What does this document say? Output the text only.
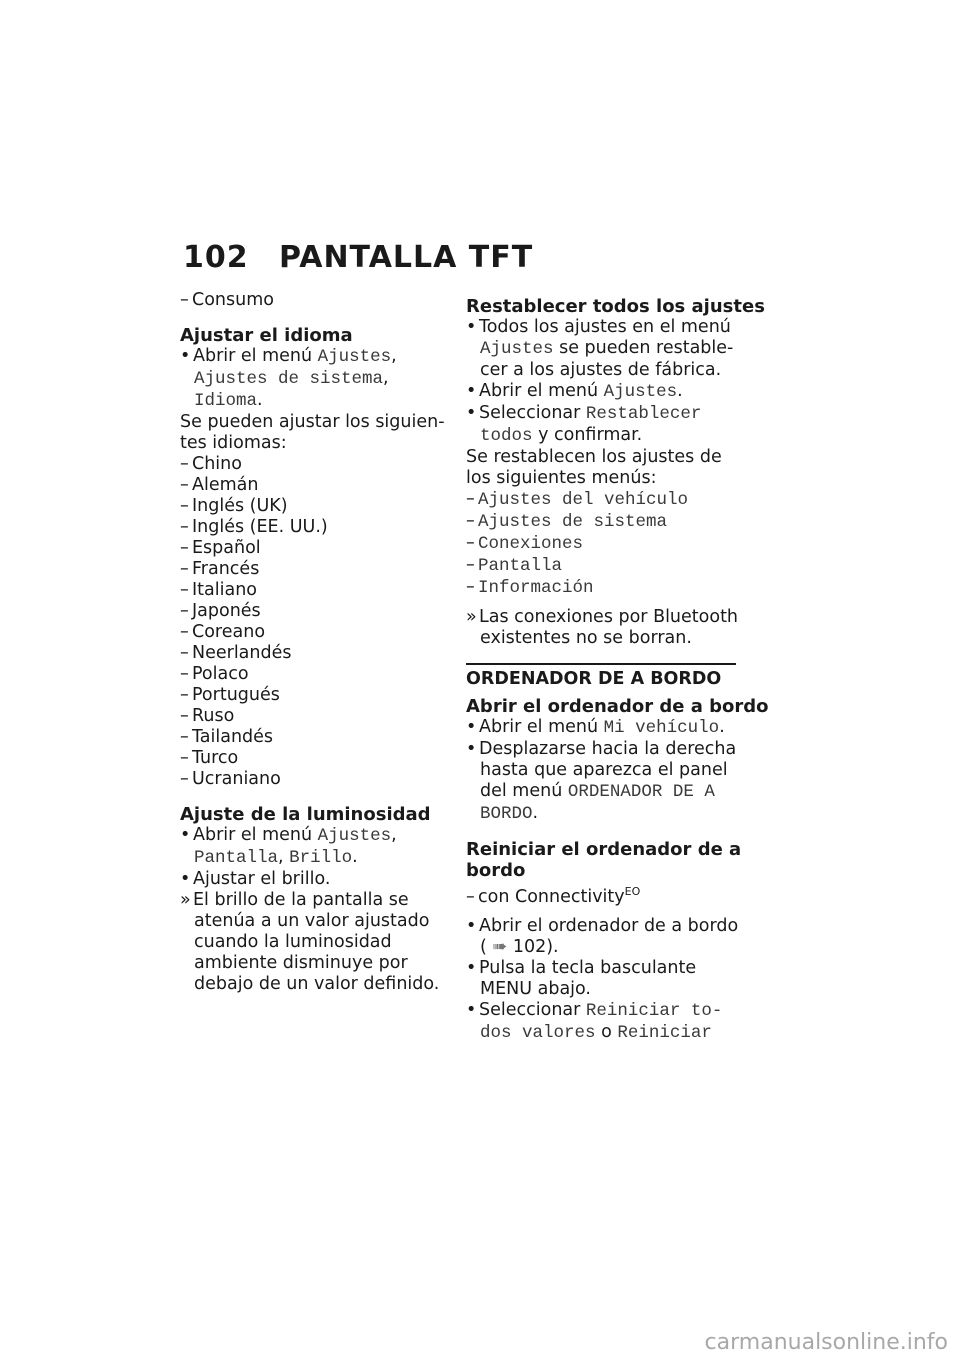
102 PANTALLA TFT
– Consumo
Ajustar el idioma
• Abrir el menú Ajustes,
Ajustes de sistema,
Idioma.
Se pueden ajustar los siguien-
tes idiomas:
– Chino
– Alemán
– Inglés (UK)
– Inglés (EE. UU.)
– Español
– Francés
– Italiano
– Japonés
– Coreano
– Neerlandés
– Polaco
– Portugués
– Ruso
– Tailandés
– Turco
– Ucraniano
Ajuste de la luminosidad
• Abrir el menú Ajustes,
Pantalla, Brillo.
• Ajustar el brillo.
» El brillo de la pantalla se
atenúa a un valor ajustado
cuando la luminosidad
ambiente disminuye por
debajo de un valor definido.
Restablecer todos los ajustes
• Todos los ajustes en el menú
Ajustes se pueden restable-
cer a los ajustes de fábrica.
• Abrir el menú Ajustes.
• Seleccionar Restablecer
todos y confirmar.
Se restablecen los ajustes de
los siguientes menús:
– Ajustes del vehículo
– Ajustes de sistema
– Conexiones
– Pantalla
– Información
» Las conexiones por Bluetooth
existentes no se borran.
ORDENADOR DE A BORDO
Abrir el ordenador de a bordo
• Abrir el menú Mi vehículo.
• Desplazarse hacia la derecha
hasta que aparezca el panel
del menú ORDENADOR DE A
BORDO.
Reiniciar el ordenador de a
bordo
– con Connectivity$^{EO}$
• Abrir el ordenador de a bordo
( ➠ 102).
• Pulsa la tecla basculante
MENU abajo.
• Seleccionar Reiniciar to-
dos valores o Reiniciar
carmanualsonline.info
